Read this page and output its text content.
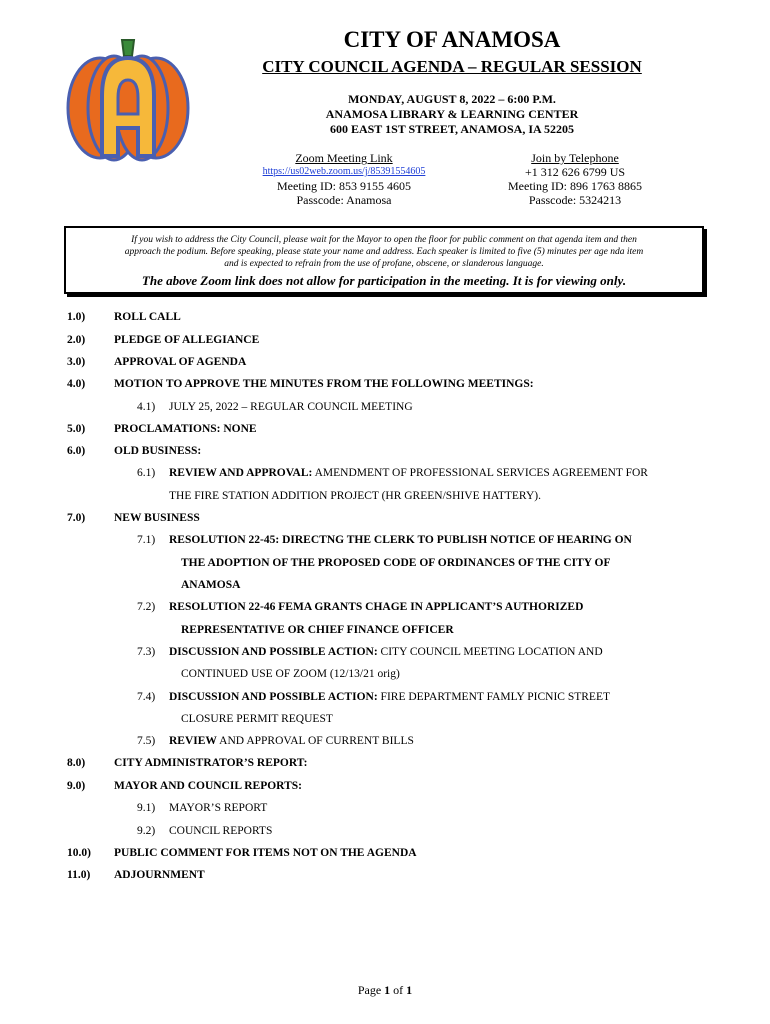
CITY OF ANAMOSA
CITY COUNCIL AGENDA – REGULAR SESSION
MONDAY, AUGUST 8, 2022 – 6:00 P.M.
ANAMOSA LIBRARY & LEARNING CENTER
600 EAST 1ST STREET, ANAMOSA, IA 52205
Zoom Meeting Link
https://us02web.zoom.us/j/85391554605
Meeting ID: 853 9155 4605
Passcode: Anamosa
Join by Telephone
+1 312 626 6799 US
Meeting ID: 896 1763 8865
Passcode: 5324213
If you wish to address the City Council, please wait for the Mayor to open the floor for public comment on that agenda item and then
approach the podium. Before speaking, please state your name and address. Each speaker is limited to five (5) minutes per age nda item
and is expected to refrain from the use of profane, obscene, or slanderous language.
The above Zoom link does not allow for participation in the meeting. It is for viewing only.
1.0)	ROLL CALL
2.0)	PLEDGE OF ALLEGIANCE
3.0)	APPROVAL OF AGENDA
4.0)	MOTION TO APPROVE THE MINUTES FROM THE FOLLOWING MEETINGS:
4.1) JULY 25, 2022 – REGULAR COUNCIL MEETING
5.0)	PROCLAMATIONS: NONE
6.0)	OLD BUSINESS:
6.1) REVIEW AND APPROVAL: AMENDMENT OF PROFESSIONAL SERVICES AGREEMENT FOR
THE FIRE STATION ADDITION PROJECT (HR GREEN/SHIVE HATTERY).
7.0)	NEW BUSINESS
7.1) RESOLUTION 22-45: DIRECTNG THE CLERK TO PUBLISH NOTICE OF HEARING ON
THE ADOPTION OF THE PROPOSED CODE OF ORDINANCES OF THE CITY OF
ANAMOSA
7.2) RESOLUTION 22-46 FEMA GRANTS CHAGE IN APPLICANT’S AUTHORIZED
REPRESENTATIVE OR CHIEF FINANCE OFFICER
7.3) DISCUSSION AND POSSIBLE ACTION: CITY COUNCIL MEETING LOCATION AND
CONTINUED USE OF ZOOM (12/13/21 orig)
7.4) DISCUSSION AND POSSIBLE ACTION: FIRE DEPARTMENT FAMLY PICNIC STREET
CLOSURE PERMIT REQUEST
7.5) REVIEW AND APPROVAL OF CURRENT BILLS
8.0)	CITY ADMINISTRATOR’S REPORT:
9.0)	MAYOR AND COUNCIL REPORTS:
9.1) MAYOR’S REPORT
9.2) COUNCIL REPORTS
10.0) PUBLIC COMMENT FOR ITEMS NOT ON THE AGENDA
11.0) ADJOURNMENT
Page 1 of 1
